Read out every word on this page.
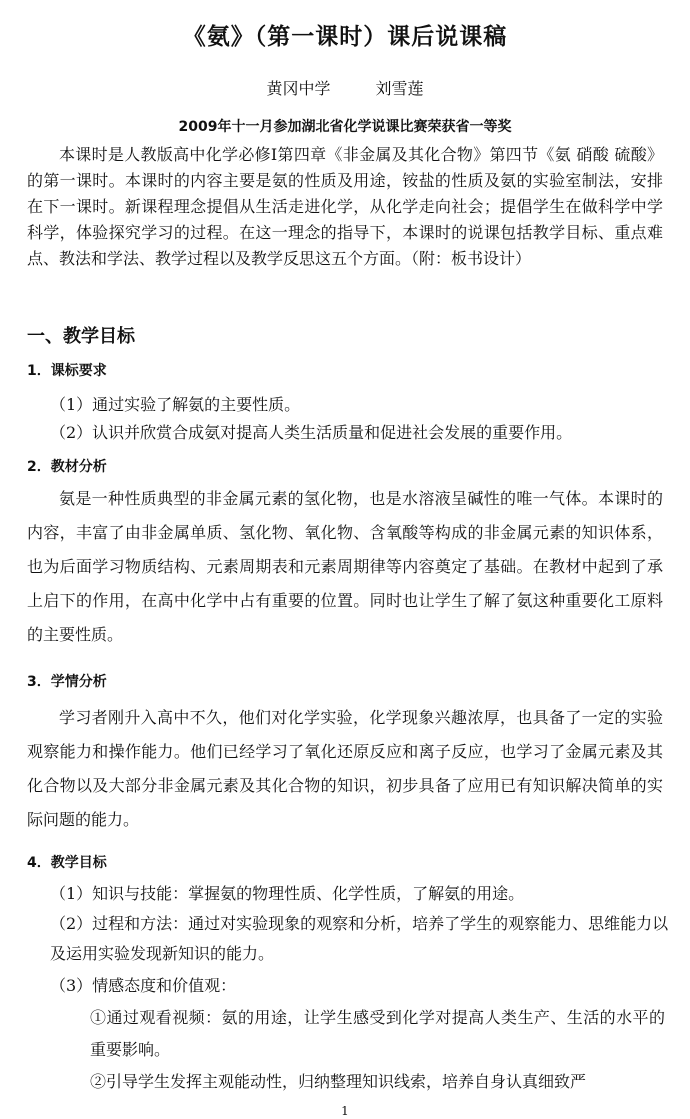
《氨》（第一课时）课后说课稿
黄冈中学	刘雪莲
2009年十一月参加湖北省化学说课比赛荣获省一等奖
本课时是人教版高中化学必修Ⅰ第四章《非金属及其化合物》第四节《氨 硝酸 硫酸》的第一课时。本课时的内容主要是氨的性质及用途，铵盐的性质及氨的实验室制法，安排在下一课时。新课程理念提倡从生活走进化学，从化学走向社会；提倡学生在做科学中学科学，体验探究学习的过程。在这一理念的指导下，本课时的说课包括教学目标、重点难点、教法和学法、教学过程以及教学反思这五个方面。（附：板书设计）
一、教学目标
1．课标要求
（1）通过实验了解氨的主要性质。
（2）认识并欣赏合成氨对提高人类生活质量和促进社会发展的重要作用。
2．教材分析
氨是一种性质典型的非金属元素的氢化物，也是水溶液呈碱性的唯一气体。本课时的内容，丰富了由非金属单质、氢化物、氧化物、含氧酸等构成的非金属元素的知识体系，也为后面学习物质结构、元素周期表和元素周期律等内容奠定了基础。在教材中起到了承上启下的作用，在高中化学中占有重要的位置。同时也让学生了解了氨这种重要化工原料的主要性质。
3．学情分析
学习者刚升入高中不久，他们对化学实验，化学现象兴趣浓厚，也具备了一定的实验观察能力和操作能力。他们已经学习了氧化还原反应和离子反应，也学习了金属元素及其化合物以及大部分非金属元素及其化合物的知识，初步具备了应用已有知识解决简单的实际问题的能力。
4．教学目标
（1）知识与技能：掌握氨的物理性质、化学性质，了解氨的用途。
（2）过程和方法：通过对实验现象的观察和分析，培养了学生的观察能力、思维能力以及运用实验发现新知识的能力。
（3）情感态度和价值观：
①通过观看视频：氨的用途，让学生感受到化学对提高人类生产、生活的水平的重要影响。
②引导学生发挥主观能动性，归纳整理知识线索，培养自身认真细致严
1
